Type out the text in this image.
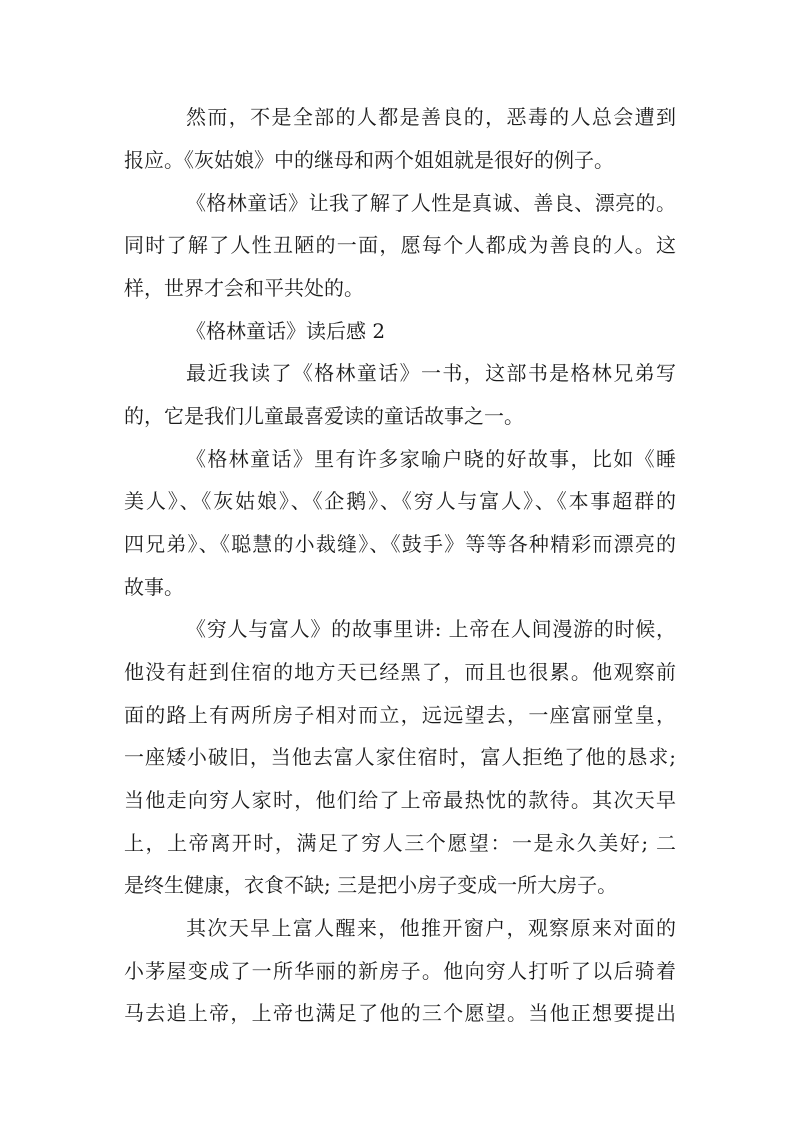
然而，不是全部的人都是善良的，恶毒的人总会遭到
报应。《灰姑娘》中的继母和两个姐姐就是很好的例子。
《格林童话》让我了解了人性是真诚、善良、漂亮的。
同时了解了人性丑陋的一面，愿每个人都成为善良的人。这
样，世界才会和平共处的。
《格林童话》读后感 2
最近我读了《格林童话》一书，这部书是格林兄弟写
的，它是我们儿童最喜爱读的童话故事之一。
《格林童话》里有许多家喻户晓的好故事，比如《睡
美人》、《灰姑娘》、《企鹅》、《穷人与富人》、《本事超群的
四兄弟》、《聪慧的小裁缝》、《鼓手》等等各种精彩而漂亮的
故事。
《穷人与富人》的故事里讲: 上帝在人间漫游的时候，
他没有赶到住宿的地方天已经黑了，而且也很累。他观察前
面的路上有两所房子相对而立，远远望去，一座富丽堂皇，
一座矮小破旧，当他去富人家住宿时，富人拒绝了他的恳求;
当他走向穷人家时，他们给了上帝最热忱的款待。其次天早
上，上帝离开时，满足了穷人三个愿望：一是永久美好; 二
是终生健康，衣食不缺; 三是把小房子变成一所大房子。
其次天早上富人醒来，他推开窗户，观察原来对面的
小茅屋变成了一所华丽的新房子。他向穷人打听了以后骑着
马去追上帝，上帝也满足了他的三个愿望。当他正想要提出
